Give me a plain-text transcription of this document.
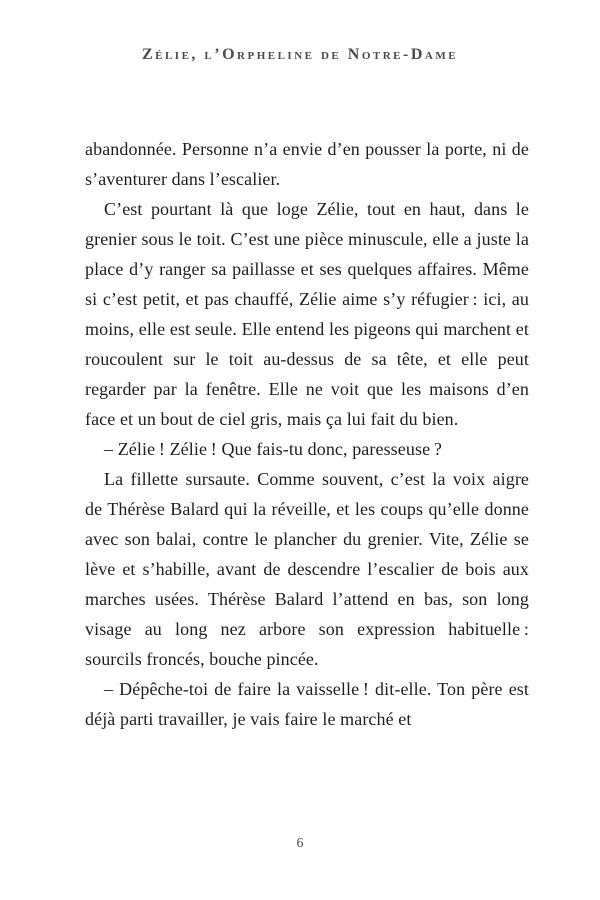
Zélie, l’Orpheline de Notre-Dame

abandonnée. Personne n’a envie d’en pousser la porte, ni de s’aventurer dans l’escalier.

C’est pourtant là que loge Zélie, tout en haut, dans le grenier sous le toit. C’est une pièce minuscule, elle a juste la place d’y ranger sa paillasse et ses quelques affaires. Même si c’est petit, et pas chauffé, Zélie aime s’y réfugier : ici, au moins, elle est seule. Elle entend les pigeons qui marchent et roucoulent sur le toit au-dessus de sa tête, et elle peut regarder par la fenêtre. Elle ne voit que les maisons d’en face et un bout de ciel gris, mais ça lui fait du bien.

– Zélie ! Zélie ! Que fais-tu donc, paresseuse ?

La fillette sursaute. Comme souvent, c’est la voix aigre de Thérèse Balard qui la réveille, et les coups qu’elle donne avec son balai, contre le plancher du grenier. Vite, Zélie se lève et s’habille, avant de descendre l’escalier de bois aux marches usées. Thérèse Balard l’attend en bas, son long visage au long nez arbore son expression habituelle : sourcils froncés, bouche pincée.

– Dépêche-toi de faire la vaisselle ! dit-elle. Ton père est déjà parti travailler, je vais faire le marché et

6
